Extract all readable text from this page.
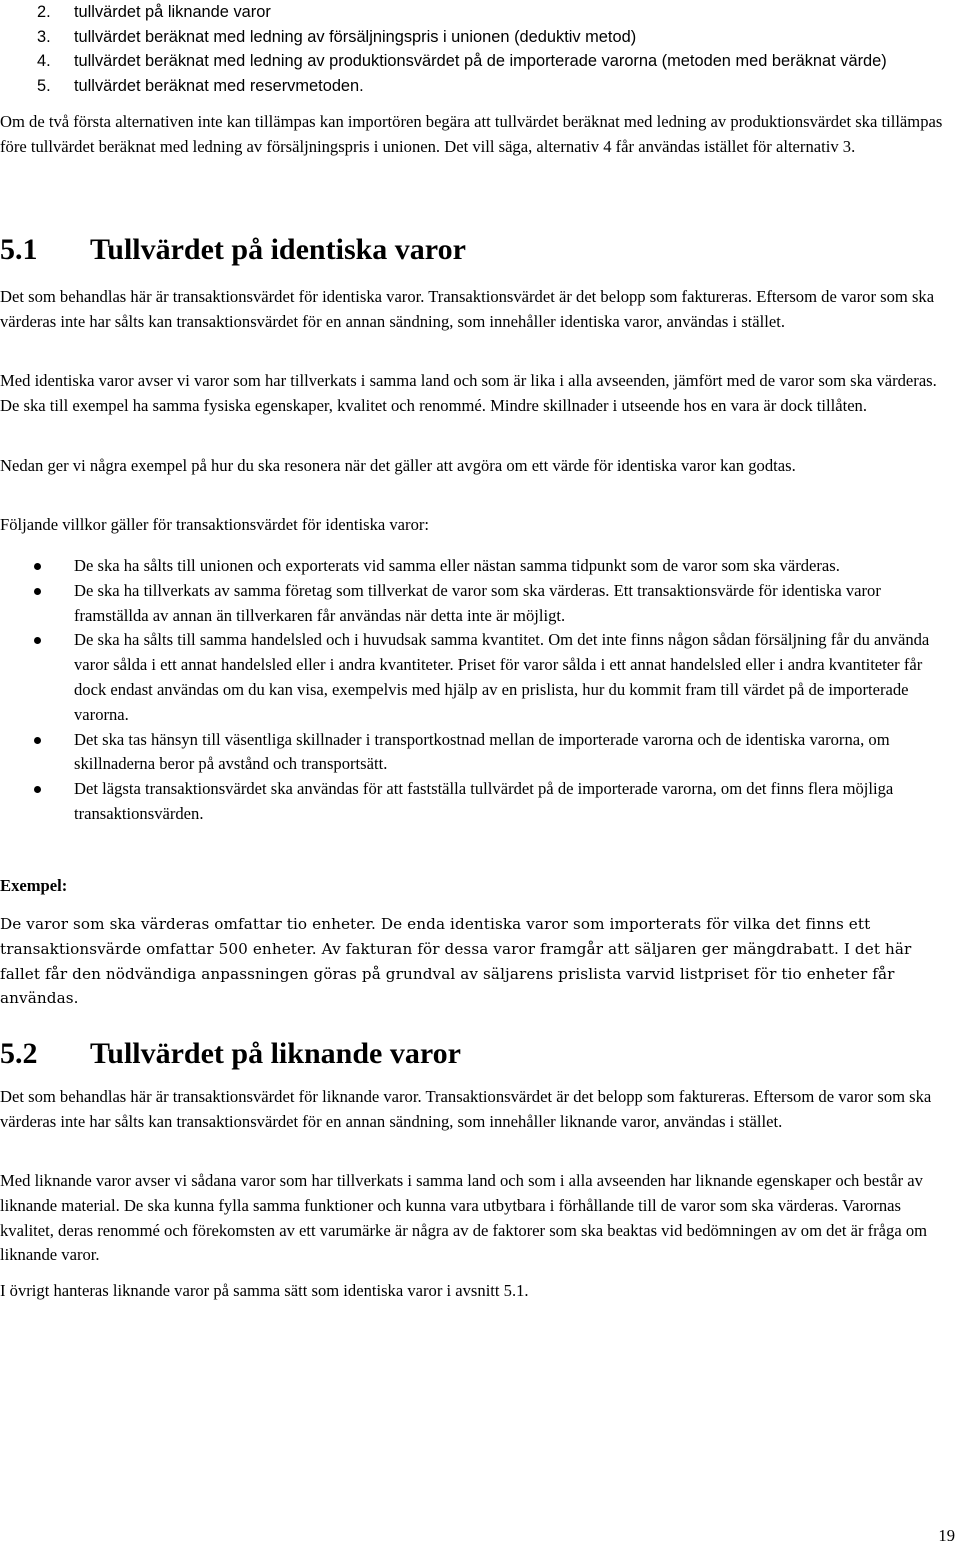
2. tullvärdet på liknande varor
3. tullvärdet beräknat med ledning av försäljningspris i unionen (deduktiv metod)
4. tullvärdet beräknat med ledning av produktionsvärdet på de importerade varorna (metoden med beräknat värde)
5. tullvärdet beräknat med reservmetoden.

Om de två första alternativen inte kan tillämpas kan importören begära att tullvärdet beräknat med ledning av produktionsvärdet ska tillämpas före tullvärdet beräknat med ledning av försäljningspris i unionen. Det vill säga, alternativ 4 får användas istället för alternativ 3.

5.1 Tullvärdet på identiska varor

Det som behandlas här är transaktionsvärdet för identiska varor. Transaktionsvärdet är det belopp som faktureras. Eftersom de varor som ska värderas inte har sålts kan transaktionsvärdet för en annan sändning, som innehåller identiska varor, användas i stället.

Med identiska varor avser vi varor som har tillverkats i samma land och som är lika i alla avseenden, jämfört med de varor som ska värderas. De ska till exempel ha samma fysiska egenskaper, kvalitet och renommé. Mindre skillnader i utseende hos en vara är dock tillåten.

Nedan ger vi några exempel på hur du ska resonera när det gäller att avgöra om ett värde för identiska varor kan godtas.

Följande villkor gäller för transaktionsvärdet för identiska varor:

De ska ha sålts till unionen och exporterats vid samma eller nästan samma tidpunkt som de varor som ska värderas.
De ska ha tillverkats av samma företag som tillverkat de varor som ska värderas. Ett transaktionsvärde för identiska varor framställda av annan än tillverkaren får användas när detta inte är möjligt.
De ska ha sålts till samma handelsled och i huvudsak samma kvantitet. Om det inte finns någon sådan försäljning får du använda varor sålda i ett annat handelsled eller i andra kvantiteter. Priset för varor sålda i ett annat handelsled eller i andra kvantiteter får dock endast användas om du kan visa, exempelvis med hjälp av en prislista, hur du kommit fram till värdet på de importerade varorna.
Det ska tas hänsyn till väsentliga skillnader i transportkostnad mellan de importerade varorna och de identiska varorna, om skillnaderna beror på avstånd och transportsätt.
Det lägsta transaktionsvärdet ska användas för att fastställa tullvärdet på de importerade varorna, om det finns flera möjliga transaktionsvärden.

Exempel:

De varor som ska värderas omfattar tio enheter. De enda identiska varor som importerats för vilka det finns ett transaktionsvärde omfattar 500 enheter. Av fakturan för dessa varor framgår att säljaren ger mängdrabatt. I det här fallet får den nödvändiga anpassningen göras på grundval av säljarens prislista varvid listpriset för tio enheter får användas.

5.2 Tullvärdet på liknande varor

Det som behandlas här är transaktionsvärdet för liknande varor. Transaktionsvärdet är det belopp som faktureras. Eftersom de varor som ska värderas inte har sålts kan transaktionsvärdet för en annan sändning, som innehåller liknande varor, användas i stället.

Med liknande varor avser vi sådana varor som har tillverkats i samma land och som i alla avseenden har liknande egenskaper och består av liknande material. De ska kunna fylla samma funktioner och kunna vara utbytbara i förhållande till de varor som ska värderas. Varornas kvalitet, deras renommé och förekomsten av ett varumärke är några av de faktorer som ska beaktas vid bedömningen av om det är fråga om liknande varor.

I övrigt hanteras liknande varor på samma sätt som identiska varor i avsnitt 5.1.

19
